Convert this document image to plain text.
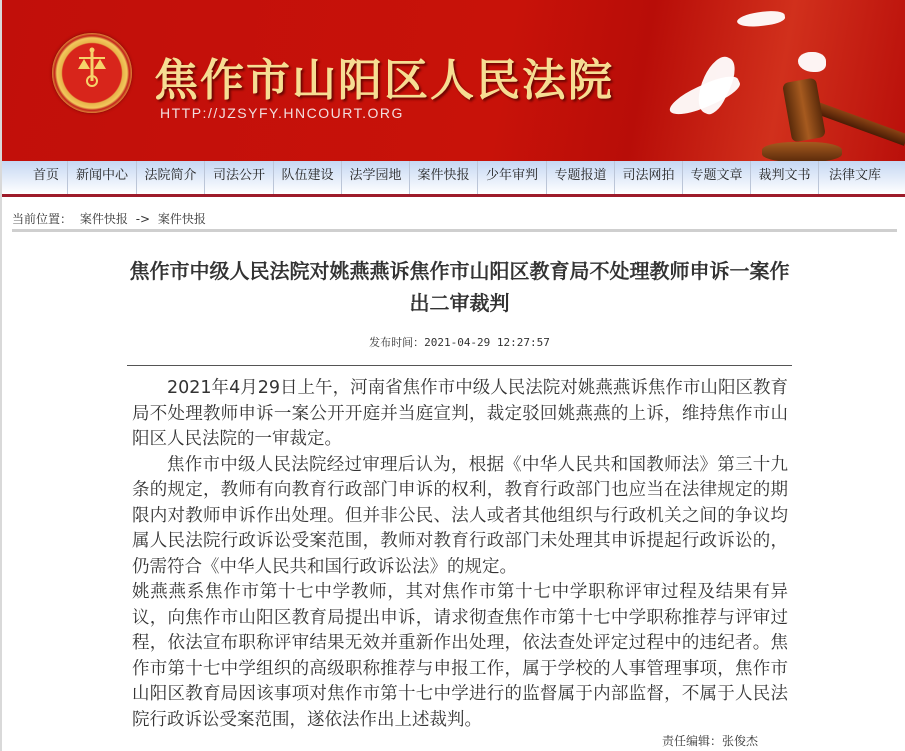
焦作市山阳区人民法院
HTTP://JZSYFY.HNCOURT.ORG
首页	新闻中心	法院简介	司法公开	队伍建设	法学园地	案件快报	少年审判	专题报道	司法网拍	专题文章	裁判文书	法律文库
当前位置： 案件快报 -> 案件快报
焦作市中级人民法院对姚燕燕诉焦作市山阳区教育局不处理教师申诉一案作出二审裁判
发布时间：2021-04-29 12:27:57

2021年4月29日上午，河南省焦作市中级人民法院对姚燕燕诉焦作市山阳区教育局不处理教师申诉一案公开开庭并当庭宣判，裁定驳回姚燕燕的上诉，维持焦作市山阳区人民法院的一审裁定。

焦作市中级人民法院经过审理后认为，根据《中华人民共和国教师法》第三十九条的规定，教师有向教育行政部门申诉的权利，教育行政部门也应当在法律规定的期限内对教师申诉作出处理。但并非公民、法人或者其他组织与行政机关之间的争议均属人民法院行政诉讼受案范围，教师对教育行政部门未处理其申诉提起行政诉讼的，仍需符合《中华人民共和国行政诉讼法》的规定。

姚燕燕系焦作市第十七中学教师，其对焦作市第十七中学职称评审过程及结果有异议，向焦作市山阳区教育局提出申诉，请求彻查焦作市第十七中学职称推荐与评审过程，依法宣布职称评审结果无效并重新作出处理，依法查处评定过程中的违纪者。焦作市第十七中学组织的高级职称推荐与申报工作，属于学校的人事管理事项，焦作市山阳区教育局因该事项对焦作市第十七中学进行的监督属于内部监督，不属于人民法院行政诉讼受案范围，遂依法作出上述裁判。

责任编辑：张俊杰
